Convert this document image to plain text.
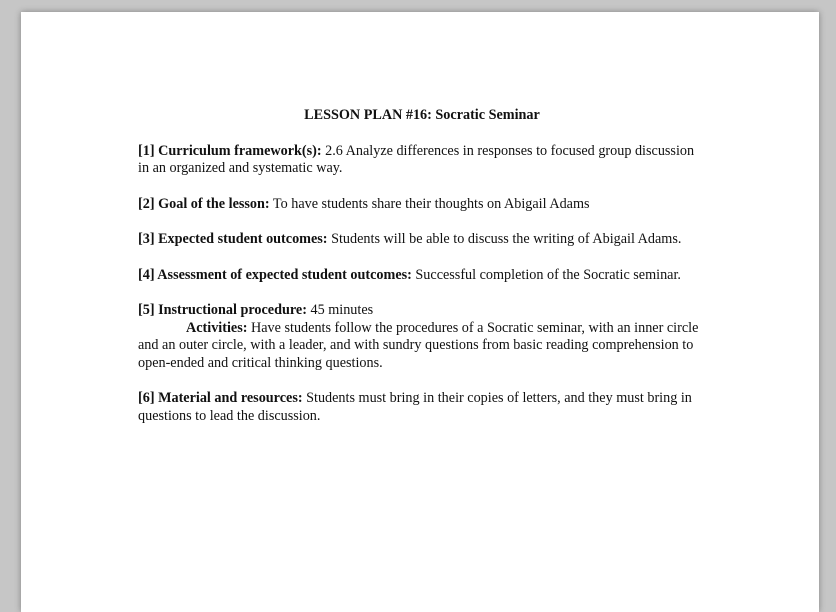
LESSON PLAN #16: Socratic Seminar

[1] Curriculum framework(s): 2.6 Analyze differences in responses to focused group discussion in an organized and systematic way.

[2] Goal of the lesson: To have students share their thoughts on Abigail Adams

[3] Expected student outcomes: Students will be able to discuss the writing of Abigail Adams.

[4] Assessment of expected student outcomes: Successful completion of the Socratic seminar.

[5] Instructional procedure: 45 minutes
Activities: Have students follow the procedures of a Socratic seminar, with an inner circle and an outer circle, with a leader, and with sundry questions from basic reading comprehension to open-ended and critical thinking questions.

[6] Material and resources: Students must bring in their copies of letters, and they must bring in questions to lead the discussion.
